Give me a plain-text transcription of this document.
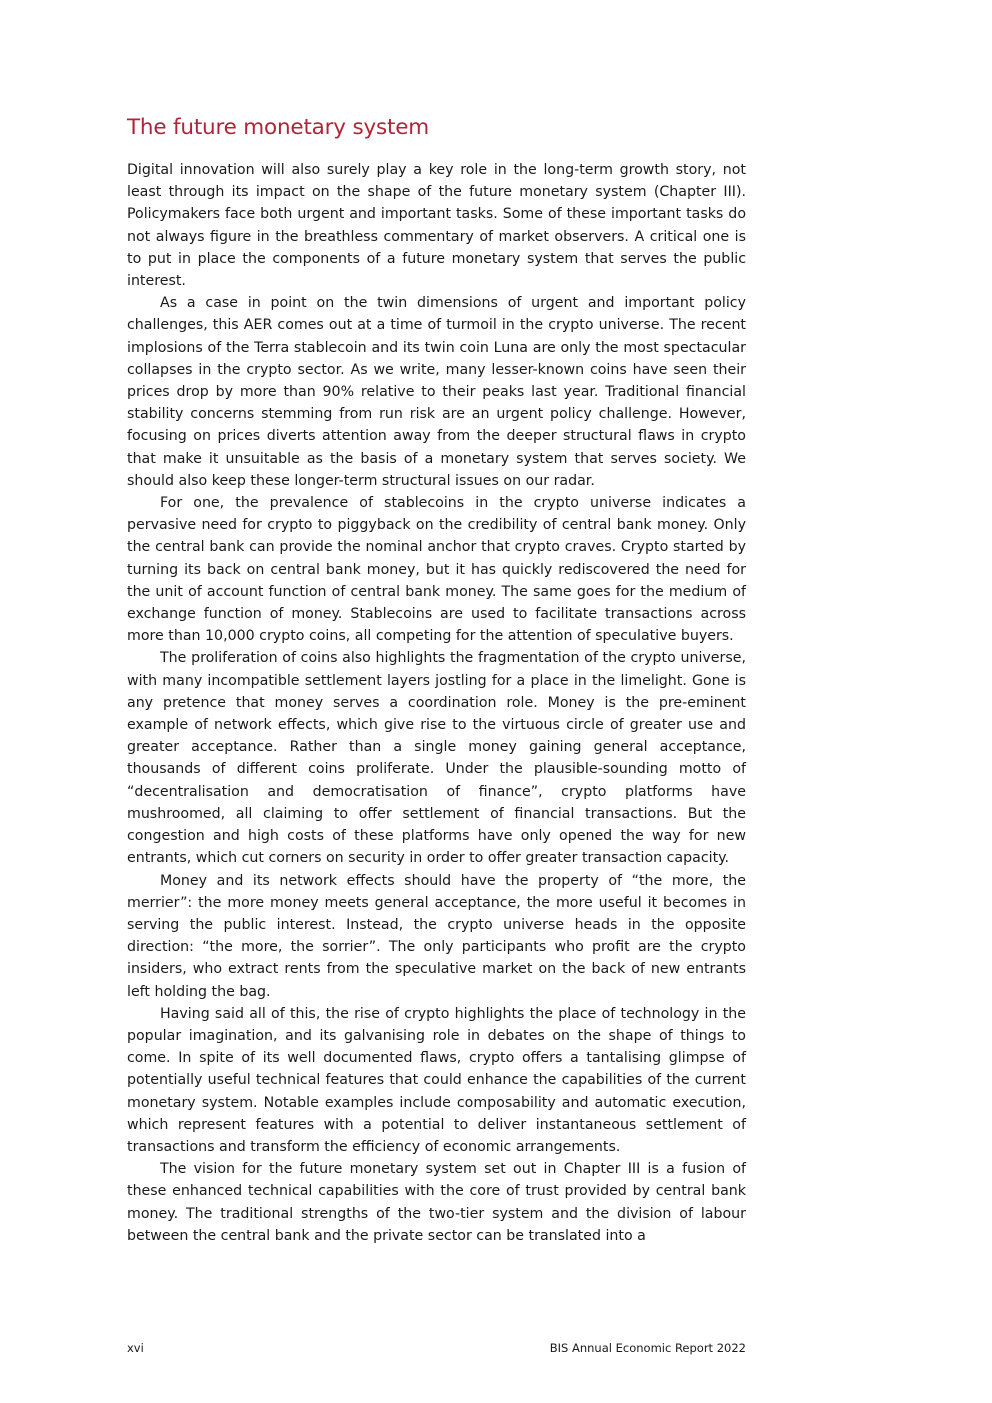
The future monetary system

Digital innovation will also surely play a key role in the long-term growth story, not least through its impact on the shape of the future monetary system (Chapter III). Policymakers face both urgent and important tasks. Some of these important tasks do not always figure in the breathless commentary of market observers. A critical one is to put in place the components of a future monetary system that serves the public interest.

As a case in point on the twin dimensions of urgent and important policy challenges, this AER comes out at a time of turmoil in the crypto universe. The recent implosions of the Terra stablecoin and its twin coin Luna are only the most spectacular collapses in the crypto sector. As we write, many lesser-known coins have seen their prices drop by more than 90% relative to their peaks last year. Traditional financial stability concerns stemming from run risk are an urgent policy challenge. However, focusing on prices diverts attention away from the deeper structural flaws in crypto that make it unsuitable as the basis of a monetary system that serves society. We should also keep these longer-term structural issues on our radar.

For one, the prevalence of stablecoins in the crypto universe indicates a pervasive need for crypto to piggyback on the credibility of central bank money. Only the central bank can provide the nominal anchor that crypto craves. Crypto started by turning its back on central bank money, but it has quickly rediscovered the need for the unit of account function of central bank money. The same goes for the medium of exchange function of money. Stablecoins are used to facilitate transactions across more than 10,000 crypto coins, all competing for the attention of speculative buyers.

The proliferation of coins also highlights the fragmentation of the crypto universe, with many incompatible settlement layers jostling for a place in the limelight. Gone is any pretence that money serves a coordination role. Money is the pre-eminent example of network effects, which give rise to the virtuous circle of greater use and greater acceptance. Rather than a single money gaining general acceptance, thousands of different coins proliferate. Under the plausible-sounding motto of “decentralisation and democratisation of finance”, crypto platforms have mushroomed, all claiming to offer settlement of financial transactions. But the congestion and high costs of these platforms have only opened the way for new entrants, which cut corners on security in order to offer greater transaction capacity.

Money and its network effects should have the property of “the more, the merrier”: the more money meets general acceptance, the more useful it becomes in serving the public interest. Instead, the crypto universe heads in the opposite direction: “the more, the sorrier”. The only participants who profit are the crypto insiders, who extract rents from the speculative market on the back of new entrants left holding the bag.

Having said all of this, the rise of crypto highlights the place of technology in the popular imagination, and its galvanising role in debates on the shape of things to come. In spite of its well documented flaws, crypto offers a tantalising glimpse of potentially useful technical features that could enhance the capabilities of the current monetary system. Notable examples include composability and automatic execution, which represent features with a potential to deliver instantaneous settlement of transactions and transform the efficiency of economic arrangements.

The vision for the future monetary system set out in Chapter III is a fusion of these enhanced technical capabilities with the core of trust provided by central bank money. The traditional strengths of the two-tier system and the division of labour between the central bank and the private sector can be translated into a

xvi	BIS Annual Economic Report 2022
